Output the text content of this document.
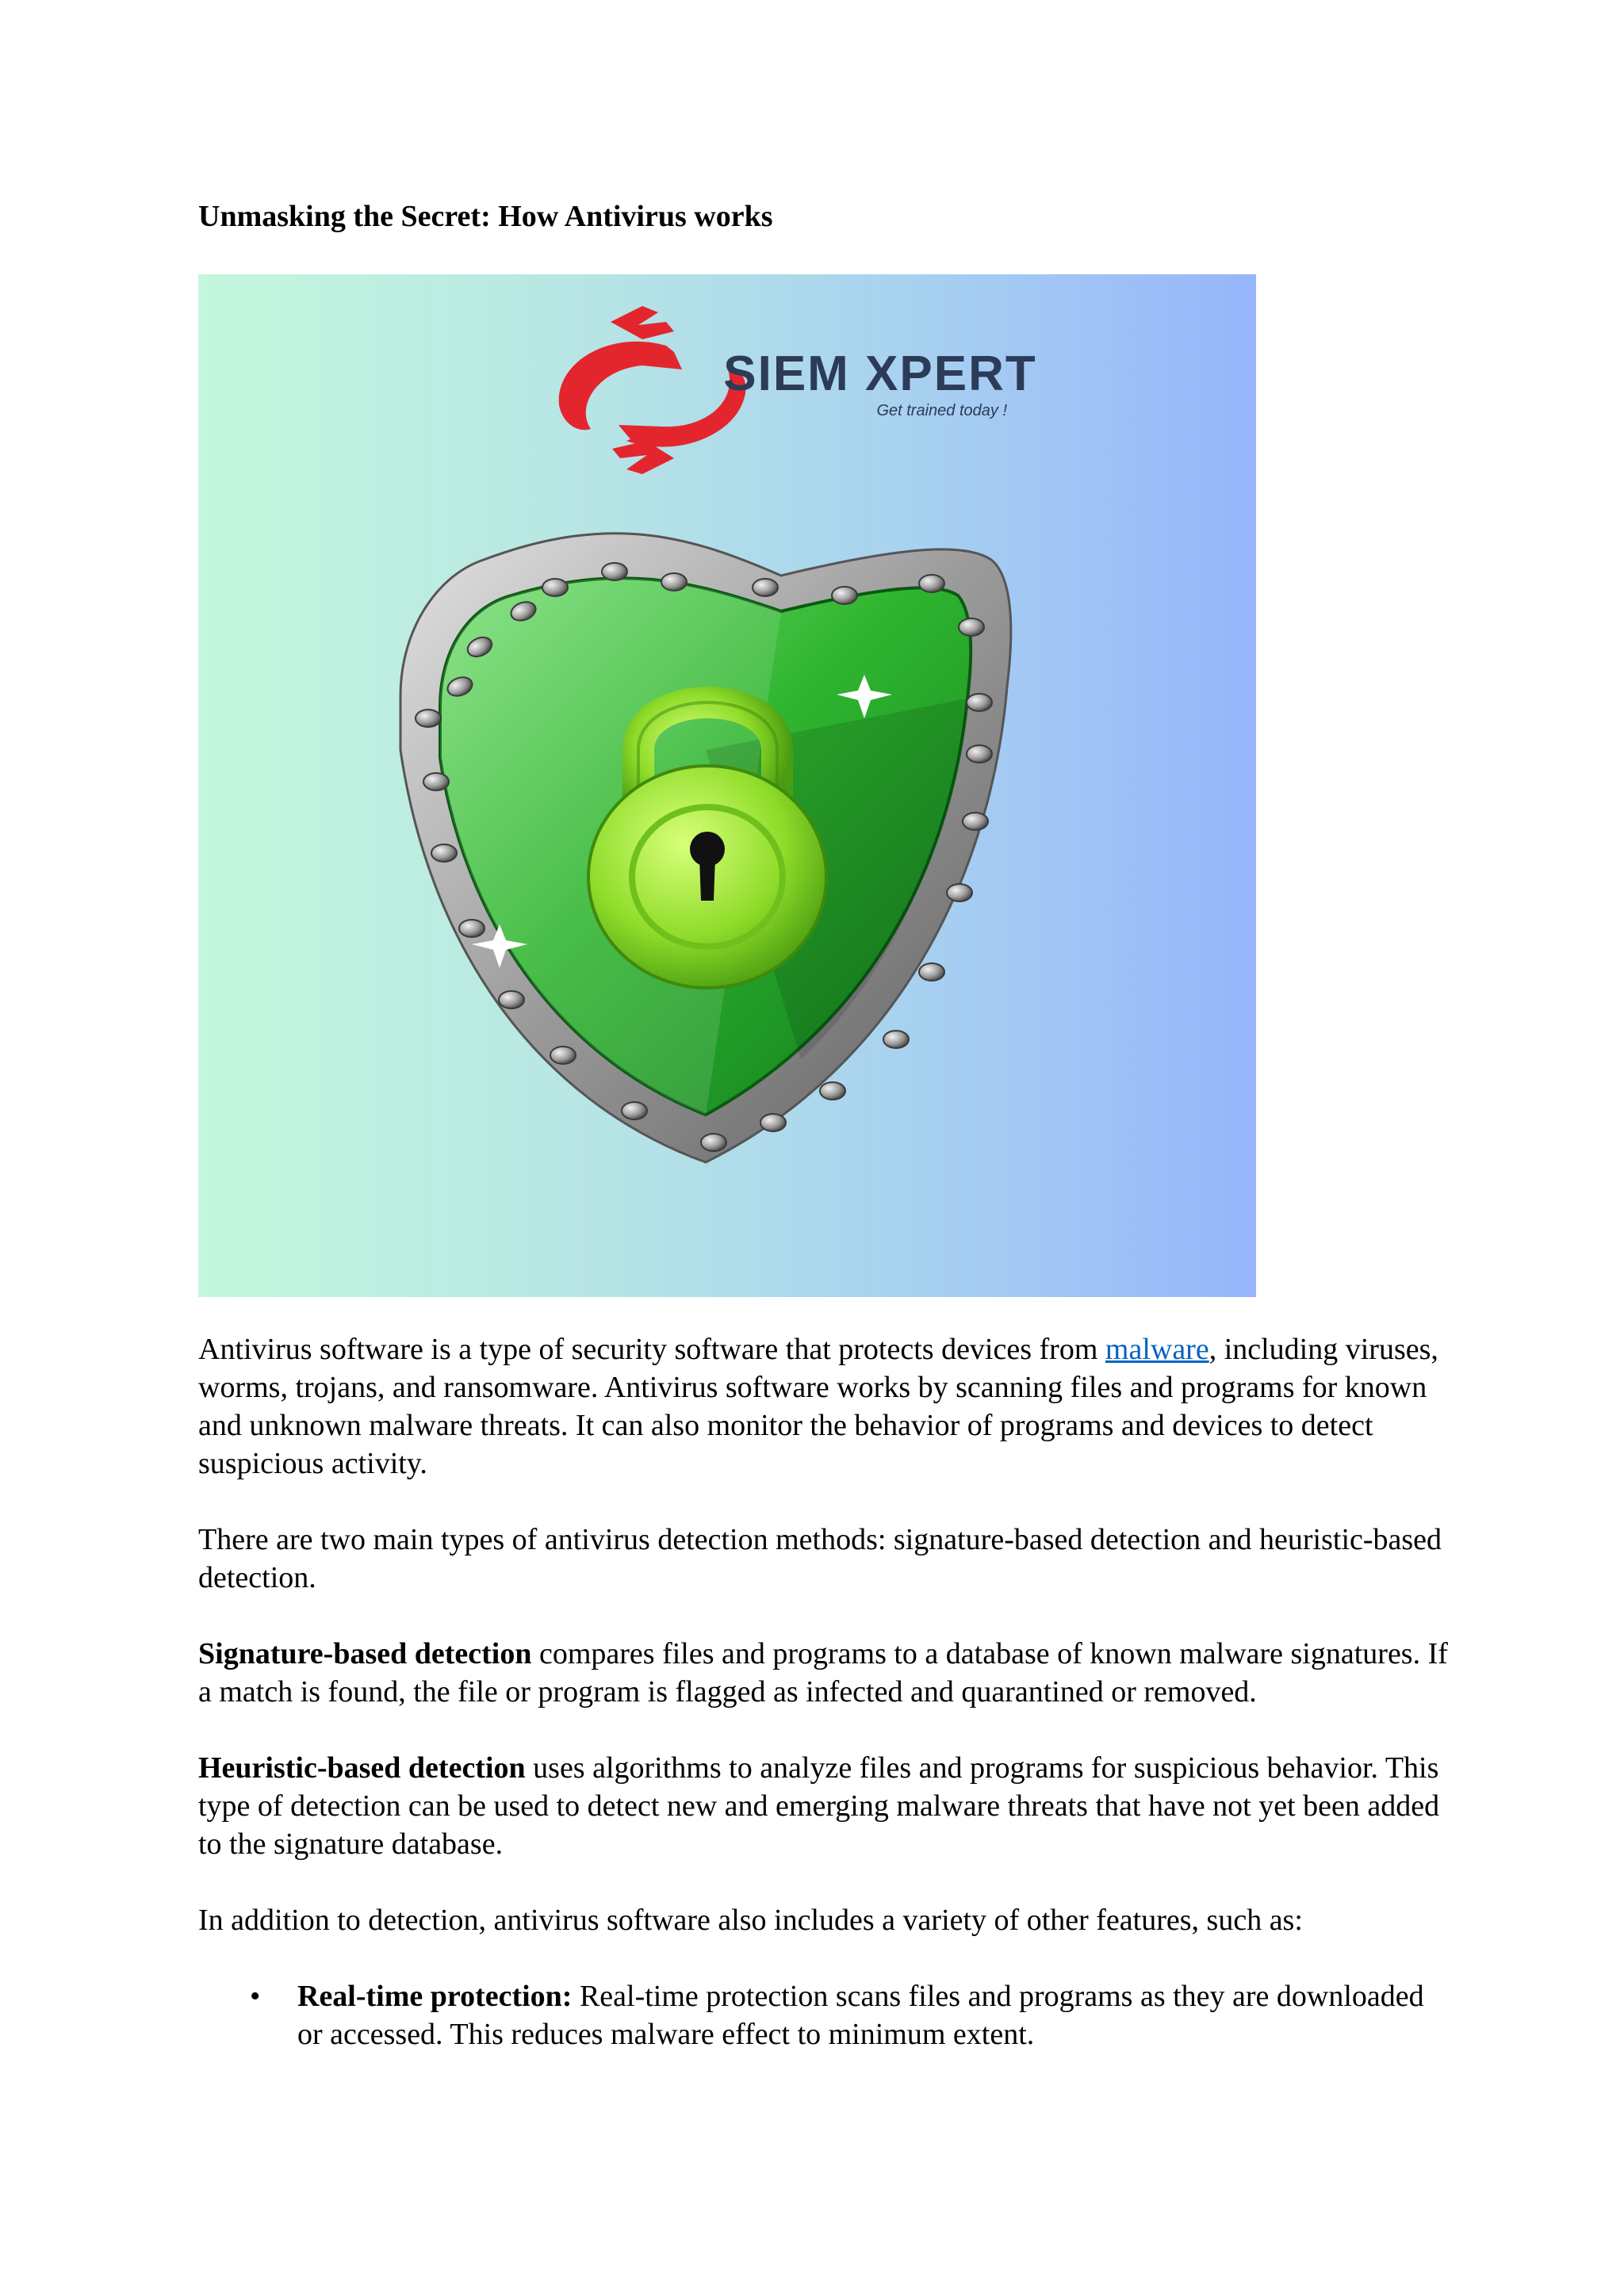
Unmasking the Secret: How Antivirus works
SIEM XPERT
Get trained today !

Antivirus software is a type of security software that protects devices from malware, including viruses, worms, trojans, and ransomware. Antivirus software works by scanning files and programs for known and unknown malware threats. It can also monitor the behavior of programs and devices to detect suspicious activity.

There are two main types of antivirus detection methods: signature-based detection and heuristic-based detection.

Signature-based detection compares files and programs to a database of known malware signatures. If a match is found, the file or program is flagged as infected and quarantined or removed.

Heuristic-based detection uses algorithms to analyze files and programs for suspicious behavior. This type of detection can be used to detect new and emerging malware threats that have not yet been added to the signature database.

In addition to detection, antivirus software also includes a variety of other features, such as:

• Real-time protection: Real-time protection scans files and programs as they are downloaded or accessed. This reduces malware effect to minimum extent.
